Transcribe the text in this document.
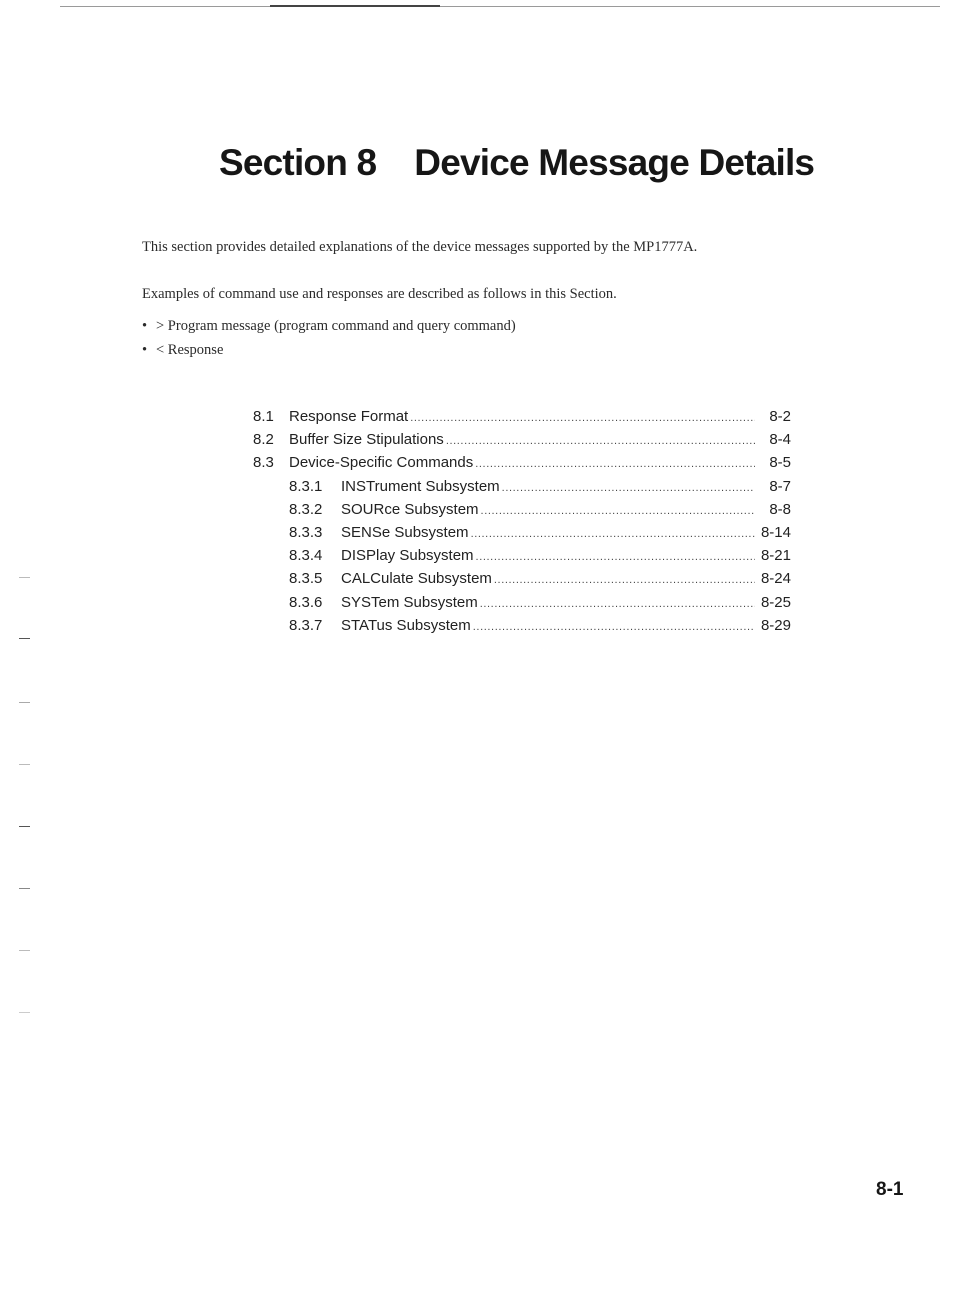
Section 8 Device Message Details

This section provides detailed explanations of the device messages supported by the MP1777A.

Examples of command use and responses are described as follows in this Section.

• > Program message (program command and query command)
• < Response
8.1	Response Format .....	8-2
8.2	Buffer Size Stipulations .....	8-4
8.3	Device-Specific Commands .....	8-5
8.3.1	INSTrument Subsystem .....	8-7
8.3.2	SOURce Subsystem .....	8-8
8.3.3	SENSe Subsystem .....	8-14
8.3.4	DISPlay Subsystem .....	8-21
8.3.5	CALCulate Subsystem .....	8-24
8.3.6	SYSTem Subsystem .....	8-25
8.3.7	STATus Subsystem .....	8-29
8-1
